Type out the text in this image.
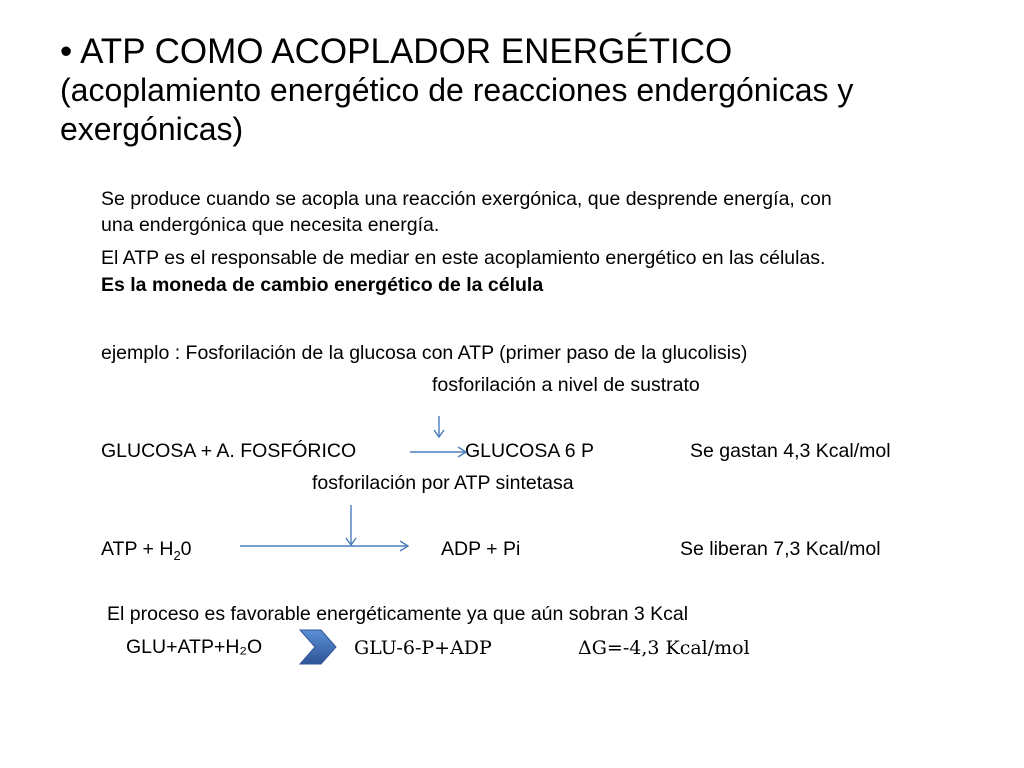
• ATP COMO ACOPLADOR ENERGÉTICO
(acoplamiento energético de reacciones endergónicas y
exergónicas)
Se produce cuando se acopla una reacción exergónica, que desprende energía, con
una endergónica que necesita energía.
El ATP es el responsable de mediar en este acoplamiento energético en las células.
Es la moneda de cambio energético de la célula
ejemplo : Fosforilación de la glucosa con ATP (primer paso de la glucolisis)
fosforilación a nivel de sustrato
GLUCOSA + A. FOSFÓRICO	GLUCOSA 6 P	Se gastan 4,3 Kcal/mol
fosforilación por ATP sintetasa
ATP + $H_20$	ADP + Pi	Se liberan 7,3 Kcal/mol
El proceso es favorable energéticamente ya que aún sobran 3 Kcal
GLU+ATP+H₂O	GLU-6-P+ADP	ΔG=-4,3 Kcal/mol
